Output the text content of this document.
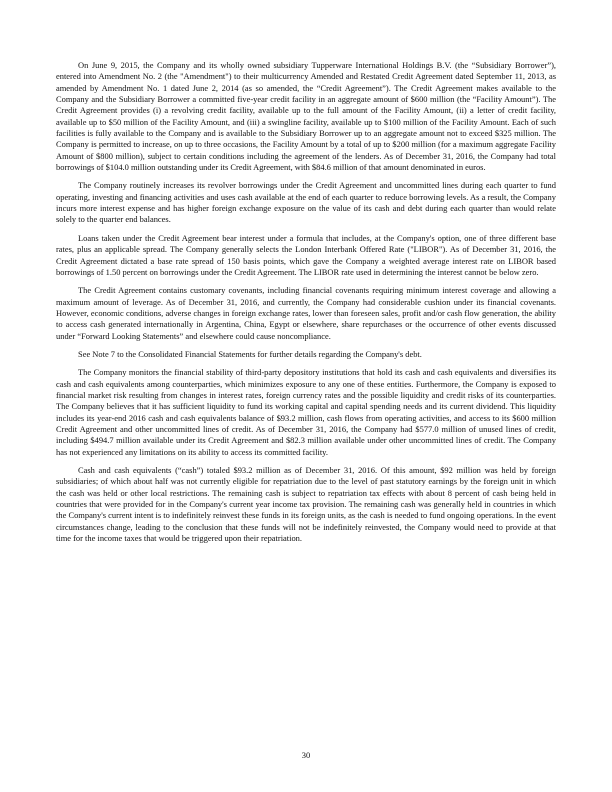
On June 9, 2015, the Company and its wholly owned subsidiary Tupperware International Holdings B.V. (the “Subsidiary Borrower”), entered into Amendment No. 2 (the "Amendment") to their multicurrency Amended and Restated Credit Agreement dated September 11, 2013, as amended by Amendment No. 1 dated June 2, 2014 (as so amended, the “Credit Agreement”). The Credit Agreement makes available to the Company and the Subsidiary Borrower a committed five-year credit facility in an aggregate amount of $600 million (the “Facility Amount”). The Credit Agreement provides (i) a revolving credit facility, available up to the full amount of the Facility Amount, (ii) a letter of credit facility, available up to $50 million of the Facility Amount, and (iii) a swingline facility, available up to $100 million of the Facility Amount. Each of such facilities is fully available to the Company and is available to the Subsidiary Borrower up to an aggregate amount not to exceed $325 million. The Company is permitted to increase, on up to three occasions, the Facility Amount by a total of up to $200 million (for a maximum aggregate Facility Amount of $800 million), subject to certain conditions including the agreement of the lenders. As of December 31, 2016, the Company had total borrowings of $104.0 million outstanding under its Credit Agreement, with $84.6 million of that amount denominated in euros.

The Company routinely increases its revolver borrowings under the Credit Agreement and uncommitted lines during each quarter to fund operating, investing and financing activities and uses cash available at the end of each quarter to reduce borrowing levels. As a result, the Company incurs more interest expense and has higher foreign exchange exposure on the value of its cash and debt during each quarter than would relate solely to the quarter end balances.

Loans taken under the Credit Agreement bear interest under a formula that includes, at the Company's option, one of three different base rates, plus an applicable spread. The Company generally selects the London Interbank Offered Rate ("LIBOR"). As of December 31, 2016, the Credit Agreement dictated a base rate spread of 150 basis points, which gave the Company a weighted average interest rate on LIBOR based borrowings of 1.50 percent on borrowings under the Credit Agreement. The LIBOR rate used in determining the interest cannot be below zero.

The Credit Agreement contains customary covenants, including financial covenants requiring minimum interest coverage and allowing a maximum amount of leverage. As of December 31, 2016, and currently, the Company had considerable cushion under its financial covenants. However, economic conditions, adverse changes in foreign exchange rates, lower than foreseen sales, profit and/or cash flow generation, the ability to access cash generated internationally in Argentina, China, Egypt or elsewhere, share repurchases or the occurrence of other events discussed under “Forward Looking Statements” and elsewhere could cause noncompliance.

See Note 7 to the Consolidated Financial Statements for further details regarding the Company's debt.

The Company monitors the financial stability of third-party depository institutions that hold its cash and cash equivalents and diversifies its cash and cash equivalents among counterparties, which minimizes exposure to any one of these entities. Furthermore, the Company is exposed to financial market risk resulting from changes in interest rates, foreign currency rates and the possible liquidity and credit risks of its counterparties. The Company believes that it has sufficient liquidity to fund its working capital and capital spending needs and its current dividend. This liquidity includes its year-end 2016 cash and cash equivalents balance of $93.2 million, cash flows from operating activities, and access to its $600 million Credit Agreement and other uncommitted lines of credit. As of December 31, 2016, the Company had $577.0 million of unused lines of credit, including $494.7 million available under its Credit Agreement and $82.3 million available under other uncommitted lines of credit. The Company has not experienced any limitations on its ability to access its committed facility.

Cash and cash equivalents (“cash”) totaled $93.2 million as of December 31, 2016. Of this amount, $92 million was held by foreign subsidiaries; of which about half was not currently eligible for repatriation due to the level of past statutory earnings by the foreign unit in which the cash was held or other local restrictions. The remaining cash is subject to repatriation tax effects with about 8 percent of cash being held in countries that were provided for in the Company's current year income tax provision. The remaining cash was generally held in countries in which the Company's current intent is to indefinitely reinvest these funds in its foreign units, as the cash is needed to fund ongoing operations. In the event circumstances change, leading to the conclusion that these funds will not be indefinitely reinvested, the Company would need to provide at that time for the income taxes that would be triggered upon their repatriation.

30
